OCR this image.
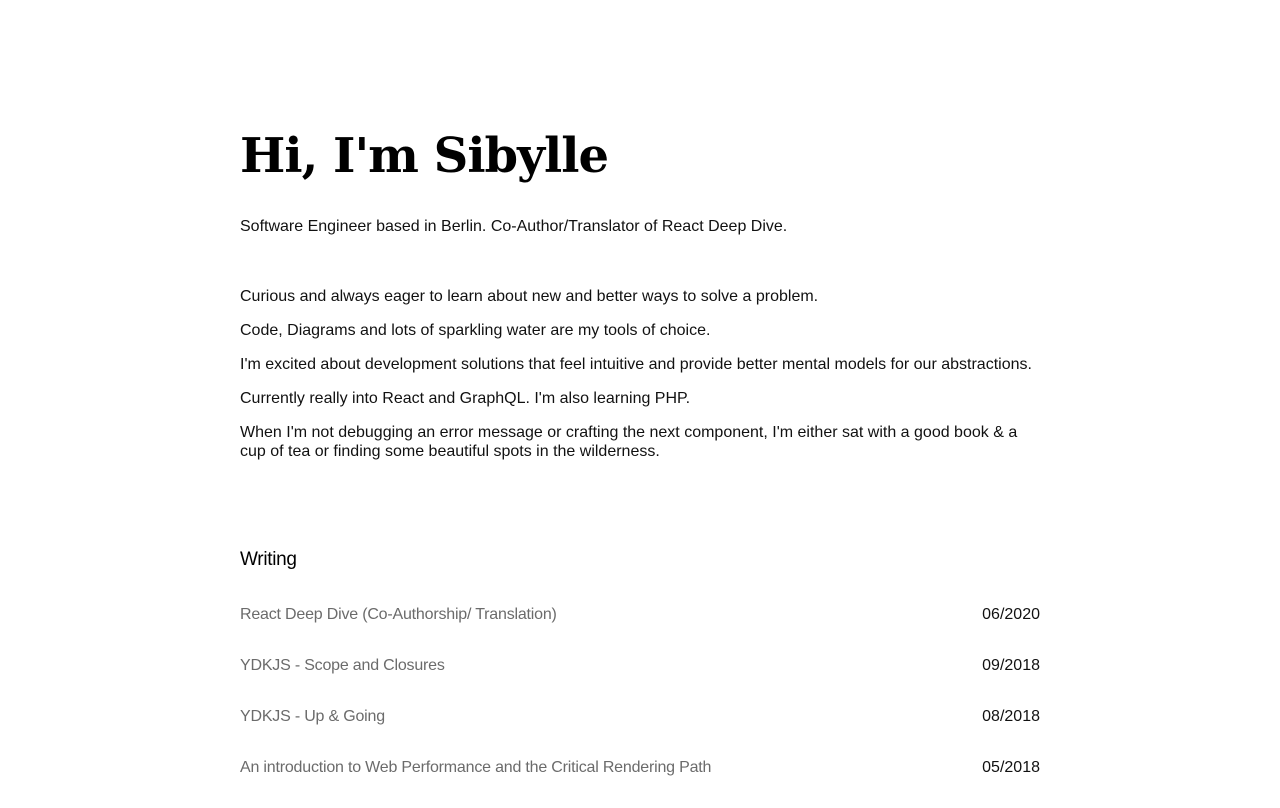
Hi, I'm Sibylle

Software Engineer based in Berlin. Co-Author/Translator of React Deep Dive.

Curious and always eager to learn about new and better ways to solve a problem.

Code, Diagrams and lots of sparkling water are my tools of choice.

I'm excited about development solutions that feel intuitive and provide better mental models for our abstractions.

Currently really into React and GraphQL. I'm also learning PHP.

When I'm not debugging an error message or crafting the next component, I'm either sat with a good book & a cup of tea or finding some beautiful spots in the wilderness.

Writing
React Deep Dive (Co-Authorship/ Translation)	06/2020
YDKJS - Scope and Closures	09/2018
YDKJS - Up & Going	08/2018
An introduction to Web Performance and the Critical Rendering Path	05/2018
